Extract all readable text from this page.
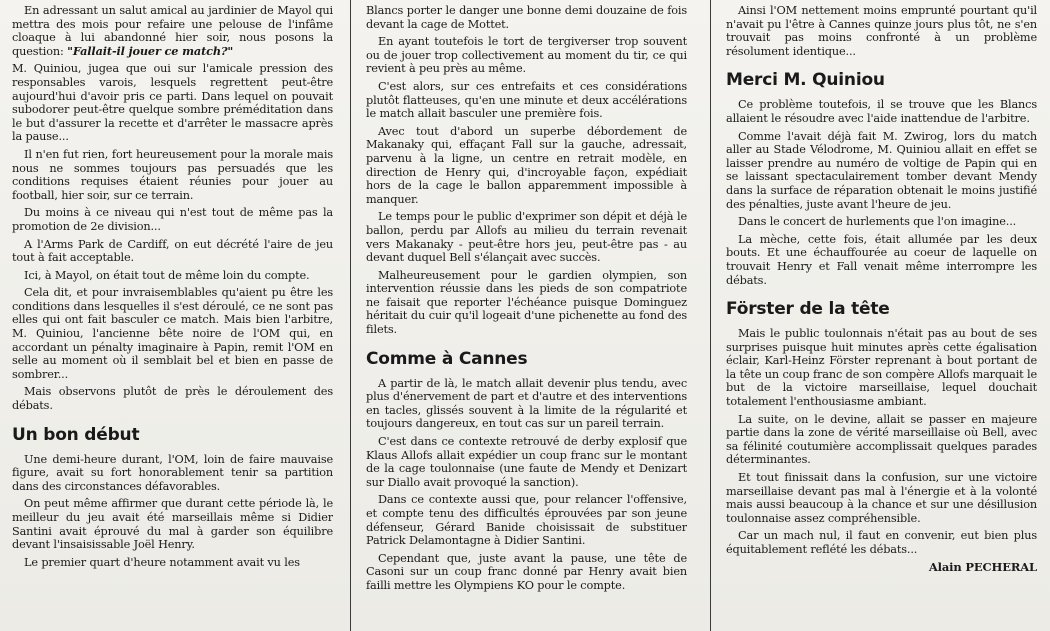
En adressant un salut amical au jardinier de Mayol qui mettra des mois pour refaire une pelouse de l'infâme cloaque à lui abandonné hier soir, nous posons la question: "Fallait-il jouer ce match?"

M. Quiniou, jugea que oui sur l'amicale pression des responsables varois, lesquels regrettent peut-être aujourd'hui d'avoir pris ce parti. Dans lequel on pouvait subodorer peut-être quelque sombre préméditation dans le but d'assurer la recette et d'arrêter le massacre après la pause...

Il n'en fut rien, fort heureusement pour la morale mais nous ne sommes toujours pas persuadés que les conditions requises étaient réunies pour jouer au football, hier soir, sur ce terrain.

Du moins à ce niveau qui n'est tout de même pas la promotion de 2e division...

A l'Arms Park de Cardiff, on eut décrété l'aire de jeu tout à fait acceptable.

Ici, à Mayol, on était tout de même loin du compte.

Cela dit, et pour invraisemblables qu'aient pu être les conditions dans lesquelles il s'est déroulé, ce ne sont pas elles qui ont fait basculer ce match. Mais bien l'arbitre, M. Quiniou, l'ancienne bête noire de l'OM qui, en accordant un pénalty imaginaire à Papin, remit l'OM en selle au moment où il semblait bel et bien en passe de sombrer...

Mais observons plutôt de près le déroulement des débats.

Un bon début

Une demi-heure durant, l'OM, loin de faire mauvaise figure, avait su fort honorablement tenir sa partition dans des circonstances défavorables.

On peut même affirmer que durant cette période là, le meilleur du jeu avait été marseillais même si Didier Santini avait éprouvé du mal à garder son équilibre devant l'insaisissable Joël Henry.

Le premier quart d'heure notamment avait vu les

Blancs porter le danger une bonne demi douzaine de fois devant la cage de Mottet.

En ayant toutefois le tort de tergiverser trop souvent ou de jouer trop collectivement au moment du tir, ce qui revient à peu près au même.

C'est alors, sur ces entrefaits et ces considérations plutôt flatteuses, qu'en une minute et deux accélérations le match allait basculer une première fois.

Avec tout d'abord un superbe débordement de Makanaky qui, effaçant Fall sur la gauche, adressait, parvenu à la ligne, un centre en retrait modèle, en direction de Henry qui, d'incroyable façon, expédiait hors de la cage le ballon apparemment impossible à manquer.

Le temps pour le public d'exprimer son dépit et déjà le ballon, perdu par Allofs au milieu du terrain revenait vers Makanaky - peut-être hors jeu, peut-être pas - au devant duquel Bell s'élançait avec succès.

Malheureusement pour le gardien olympien, son intervention réussie dans les pieds de son compatriote ne faisait que reporter l'échéance puisque Dominguez héritait du cuir qu'il logeait d'une pichenette au fond des filets.

Comme à Cannes

A partir de là, le match allait devenir plus tendu, avec plus d'énervement de part et d'autre et des interventions en tacles, glissés souvent à la limite de la régularité et toujours dangereux, en tout cas sur un pareil terrain.

C'est dans ce contexte retrouvé de derby explosif que Klaus Allofs allait expédier un coup franc sur le montant de la cage toulonnaise (une faute de Mendy et Denizart sur Diallo avait provoqué la sanction).

Dans ce contexte aussi que, pour relancer l'offensive, et compte tenu des difficultés éprouvées par son jeune défenseur, Gérard Banide choisissait de substituer Patrick Delamontagne à Didier Santini.

Cependant que, juste avant la pause, une tête de Casoni sur un coup franc donné par Henry avait bien failli mettre les Olympiens KO pour le compte.

Ainsi l'OM nettement moins emprunté pourtant qu'il n'avait pu l'être à Cannes quinze jours plus tôt, ne s'en trouvait pas moins confronté à un problème résolument identique...

Merci M. Quiniou

Ce problème toutefois, il se trouve que les Blancs allaient le résoudre avec l'aide inattendue de l'arbitre.

Comme l'avait déjà fait M. Zwirog, lors du match aller au Stade Vélodrome, M. Quiniou allait en effet se laisser prendre au numéro de voltige de Papin qui en se laissant spectaculairement tomber devant Mendy dans la surface de réparation obtenait le moins justifié des pénalties, juste avant l'heure de jeu.

Dans le concert de hurlements que l'on imagine...

La mèche, cette fois, était allumée par les deux bouts. Et une échauffourée au coeur de laquelle on trouvait Henry et Fall venait même interrompre les débats.

Förster de la tête

Mais le public toulonnais n'était pas au bout de ses surprises puisque huit minutes après cette égalisation éclair, Karl-Heinz Förster reprenant à bout portant de la tête un coup franc de son compère Allofs marquait le but de la victoire marseillaise, lequel douchait totalement l'enthousiasme ambiant.

La suite, on le devine, allait se passer en majeure partie dans la zone de vérité marseillaise où Bell, avec sa félinité coutumière accomplissait quelques parades déterminantes.

Et tout finissait dans la confusion, sur une victoire marseillaise devant pas mal à l'énergie et à la volonté mais aussi beaucoup à la chance et sur une désillusion toulonnaise assez compréhensible.

Car un mach nul, il faut en convenir, eut bien plus équitablement reflété les débats...

Alain PECHERAL
